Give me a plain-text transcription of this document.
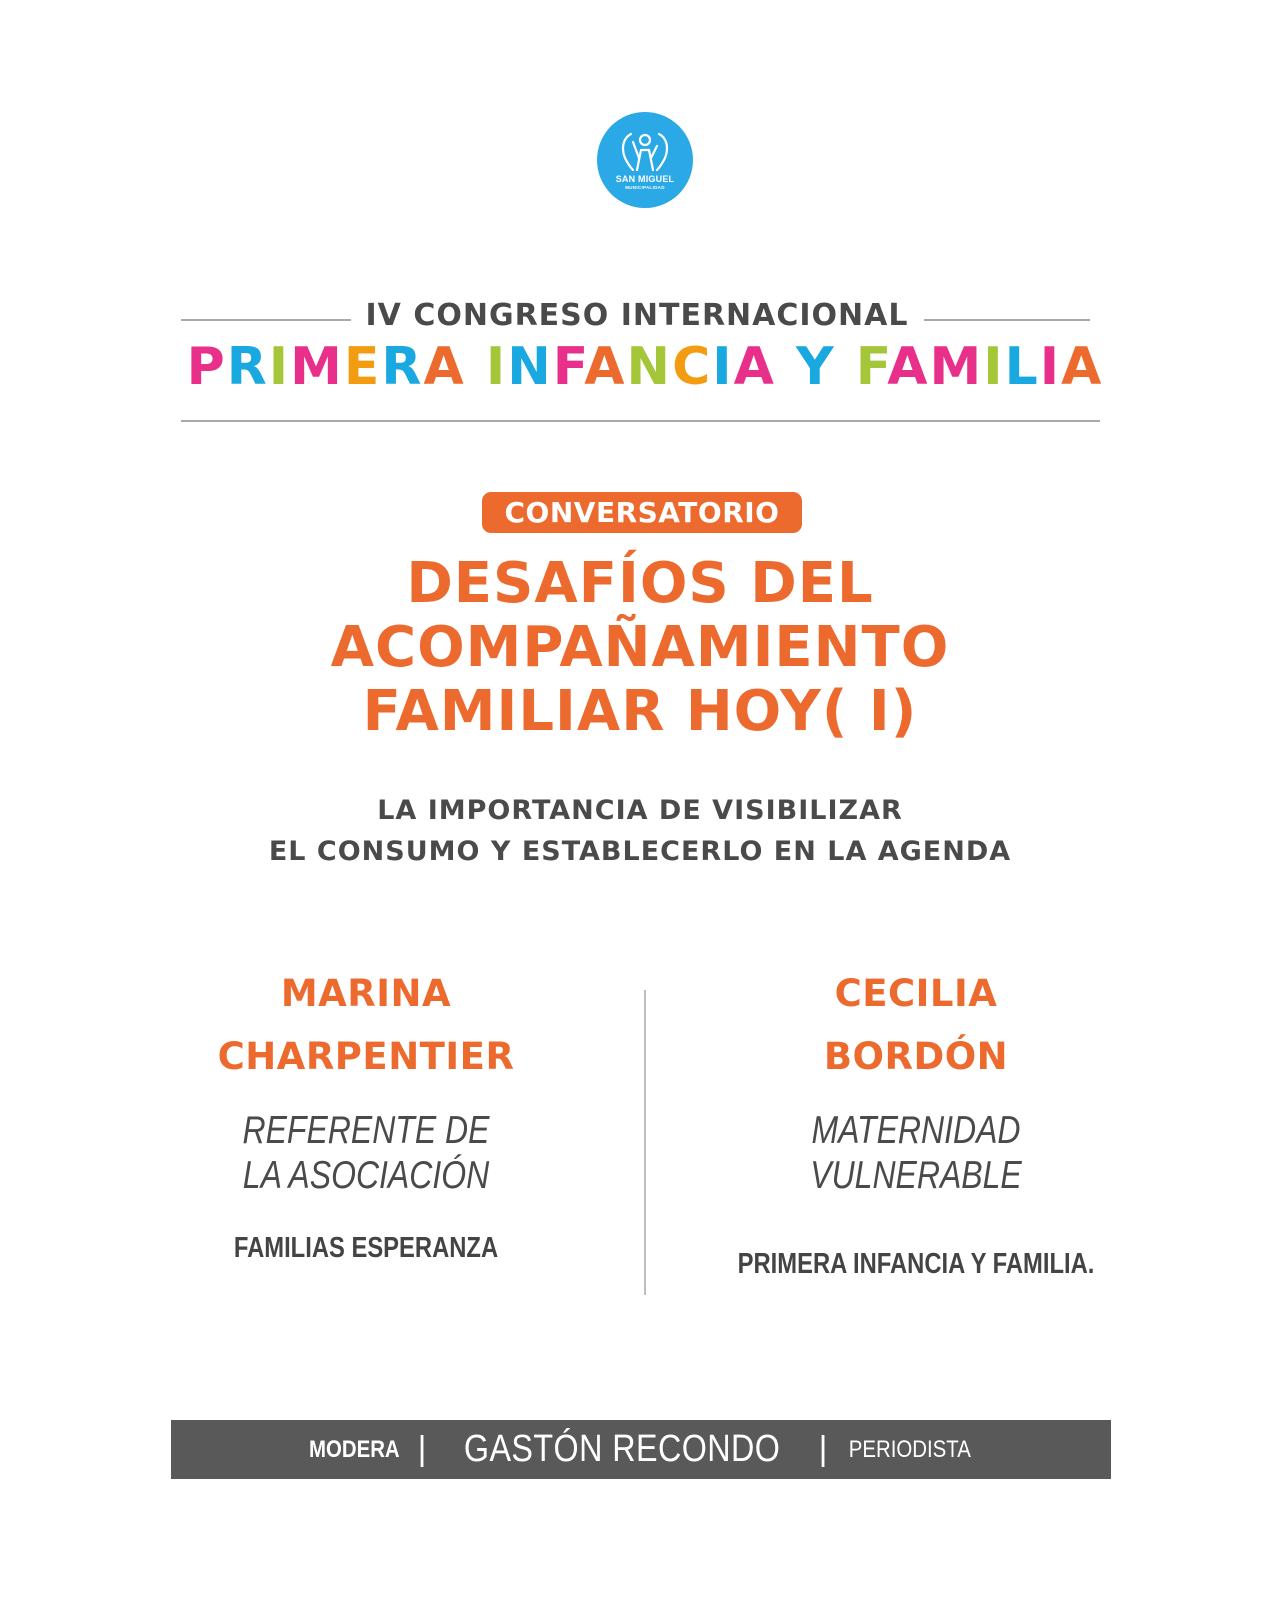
SAN MIGUEL
MUNICIPALIDAD
IV CONGRESO INTERNACIONAL
PRIMERA INFANCIA Y FAMILIA
CONVERSATORIO
DESAFÍOS DEL
ACOMPAÑAMIENTO
FAMILIAR HOY( I)
LA IMPORTANCIA DE VISIBILIZAR
EL CONSUMO Y ESTABLECERLO EN LA AGENDA
MARINA
CHARPENTIER
REFERENTE DE
LA ASOCIACIÓN
FAMILIAS ESPERANZA
CECILIA
BORDÓN
MATERNIDAD
VULNERABLE
PRIMERA INFANCIA Y FAMILIA.
MODERA | GASTÓN RECONDO | PERIODISTA
